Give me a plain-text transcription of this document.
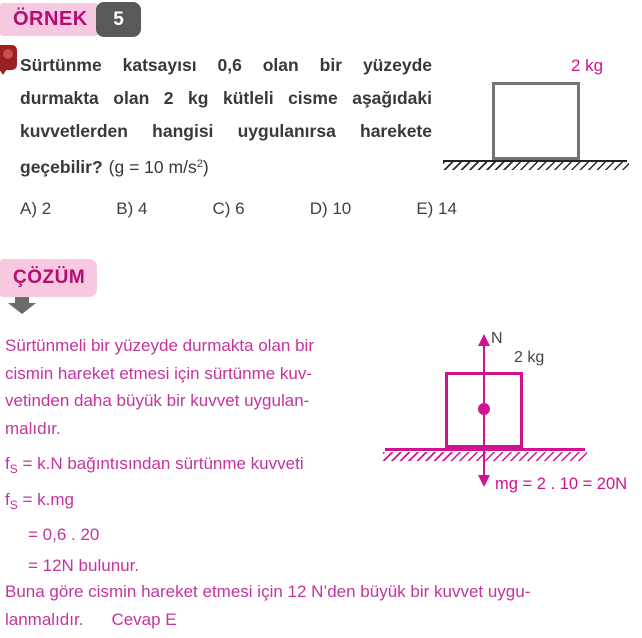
ÖRNEK	5
Sürtünme katsayısı 0,6 olan bir yüzeyde
durmakta olan 2 kg kütleli cisme aşağıdaki
kuvvetlerden hangisi uygulanırsa harekete
geçebilir? (g = 10 $m/s^2$)
2 kg
A) 2	B) 4	C) 6	D) 10	E) 14
ÇÖZÜM
Sürtünmeli bir yüzeyde durmakta olan bir
cismin hareket etmesi için sürtünme kuv-
vetinden daha büyük bir kuvvet uygulan-
malıdır.
$f_S = k.N$ bağıntısından sürtünme kuvveti
$f_S = k.mg$
= 0,6 . 20
= 12N bulunur.
N
2 kg
mg = 2 . 10 = 20N
Buna göre cismin hareket etmesi için 12 N’den büyük bir kuvvet uygu-
lanmalıdır. Cevap E
